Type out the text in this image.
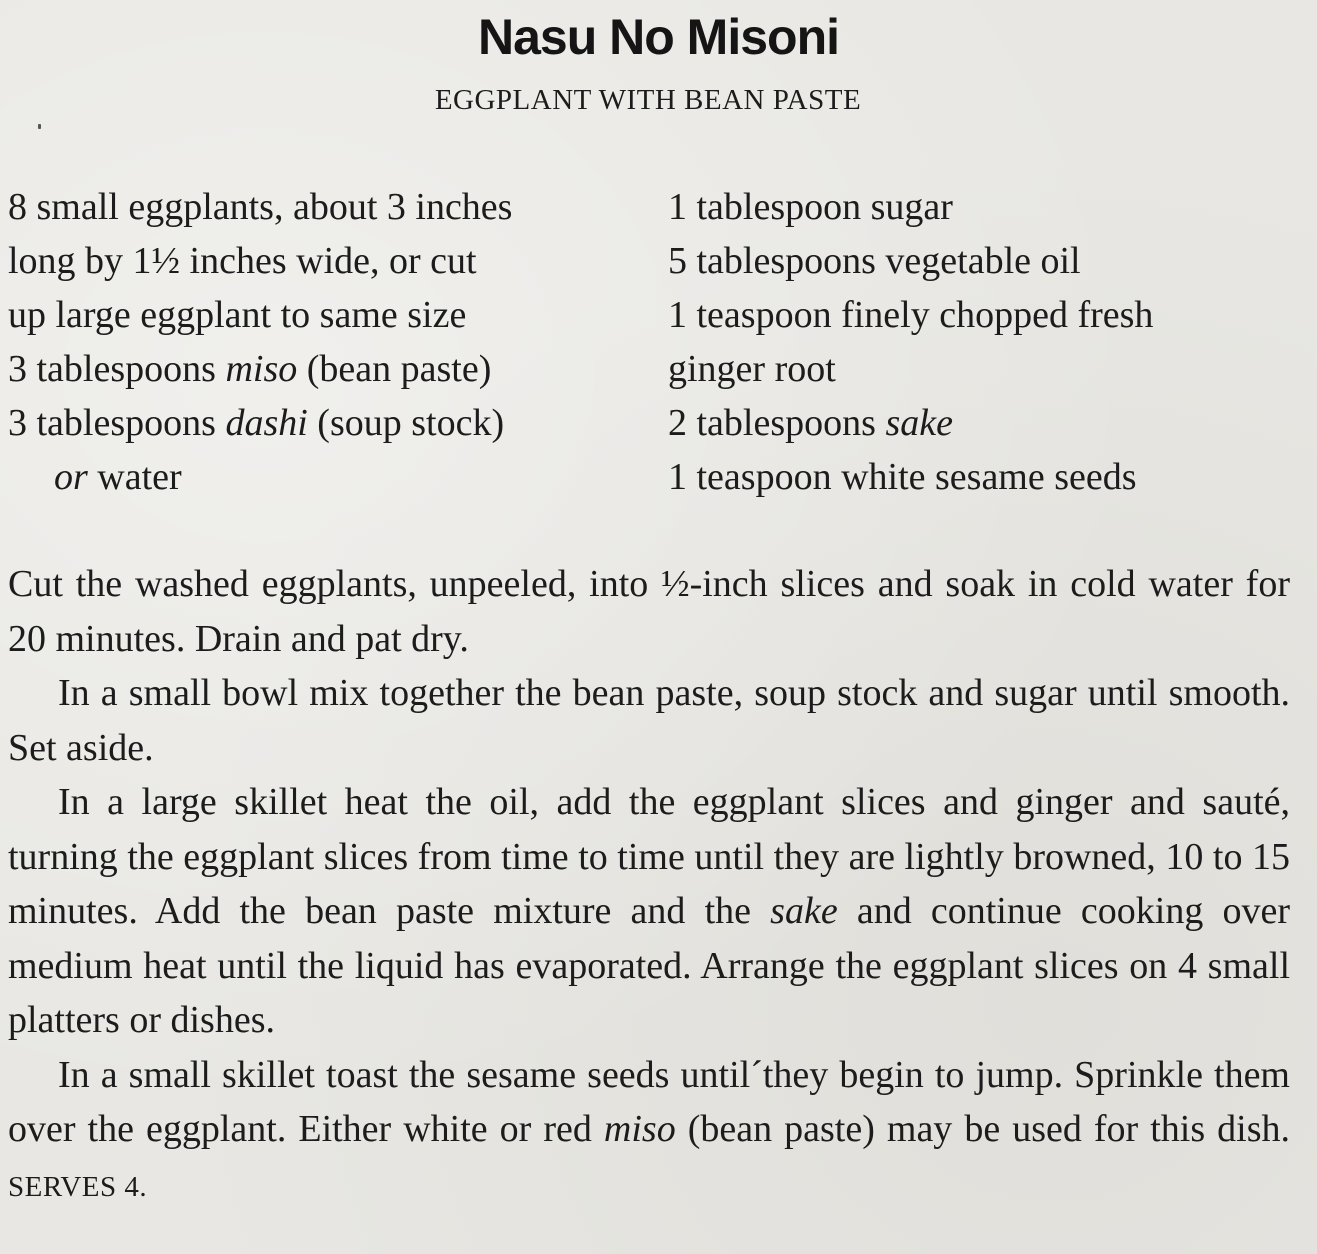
Nasu No Misoni
EGGPLANT WITH BEAN PASTE
8 small eggplants, about 3 inches
long by 1½ inches wide, or cut
up large eggplant to same size
3 tablespoons miso (bean paste)
3 tablespoons dashi (soup stock)
or water
1 tablespoon sugar
5 tablespoons vegetable oil
1 teaspoon finely chopped fresh
ginger root
2 tablespoons sake
1 teaspoon white sesame seeds

Cut the washed eggplants, unpeeled, into ½-inch slices and soak in cold water for 20 minutes. Drain and pat dry.

In a small bowl mix together the bean paste, soup stock and sugar until smooth. Set aside.

In a large skillet heat the oil, add the eggplant slices and ginger and sauté, turning the eggplant slices from time to time until they are lightly browned, 10 to 15 minutes. Add the bean paste mixture and the sake and continue cooking over medium heat until the liquid has evaporated. Arrange the eggplant slices on 4 small platters or dishes.

In a small skillet toast the sesame seeds until´they begin to jump. Sprinkle them over the eggplant. Either white or red miso (bean paste) may be used for this dish. SERVES 4.
